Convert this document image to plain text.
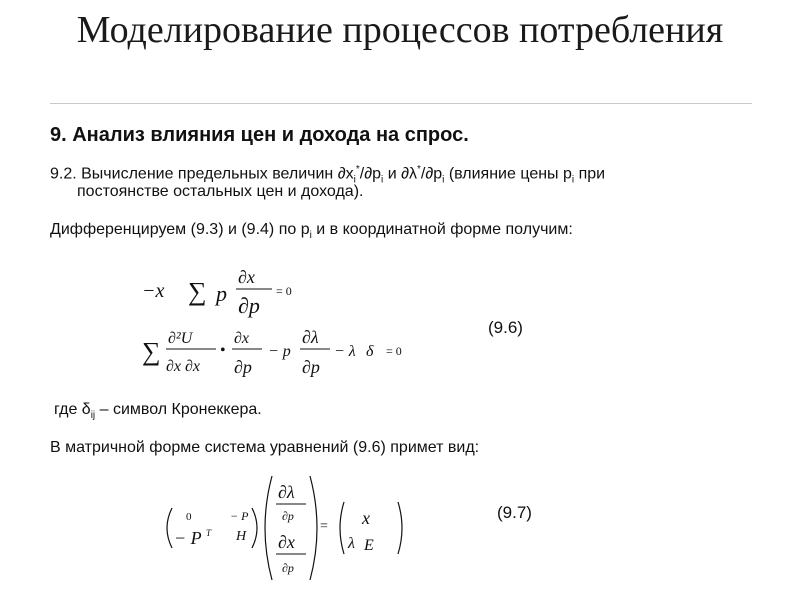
Моделирование процессов потребления
9. Анализ влияния цен и дохода на спрос.
9.2. Вычисление предельных величин $\partial x_i^*/\partial p_i$ и $\partial\lambda^*/\partial p_i$ (влияние цены $p_i$ при
постоянстве остальных цен и дохода).
Дифференцируем (9.3) и (9.4) по $p_i$ и в координатной форме получим:
−x ∑ p
∂x
∂p
= 0
∑ ∂²U
∂x ∂x
•
∂x
∂p
− p
∂λ
∂p
− λ δ = 0
(9.6)
где $\delta_{ij}$ – символ Кронеккера.
В матричной форме система уравнений (9.6) примет вид:
0
− P T
− P
H
∂λ
∂p
∂x
∂p
= x
λ E
(9.7)
